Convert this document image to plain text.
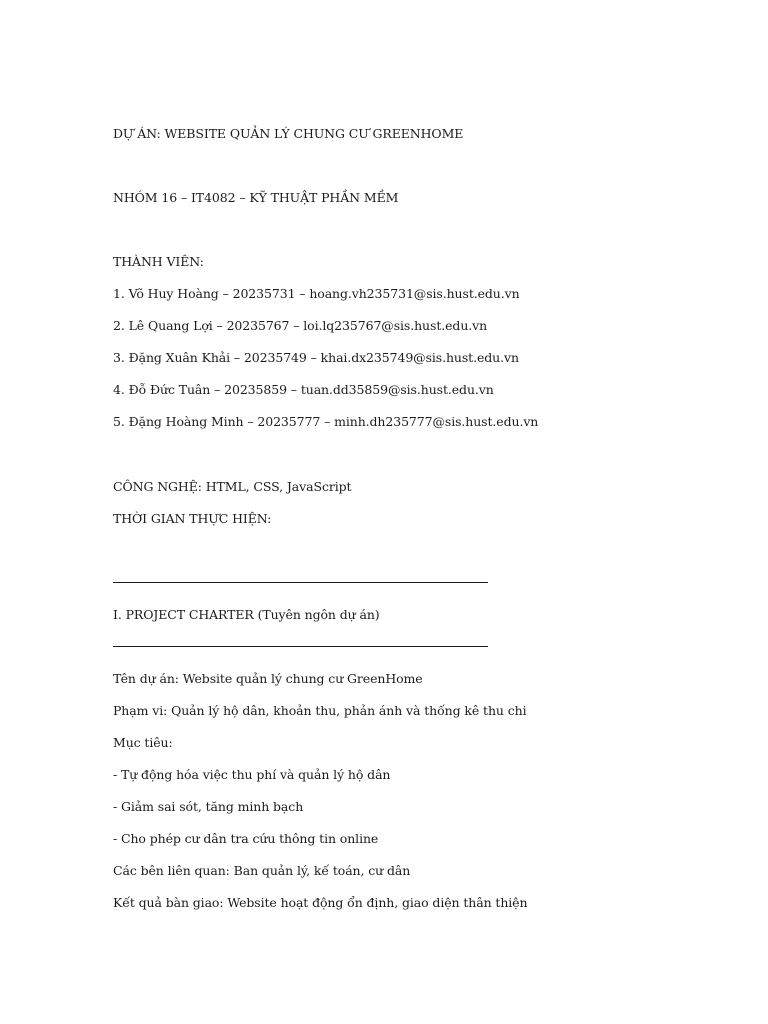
DỰ ÁN: WEBSITE QUẢN LÝ CHUNG CƯ GREENHOME
NHÓM 16 – IT4082 – KỸ THUẬT PHẦN MỀM
THÀNH VIÊN:
1. Võ Huy Hoàng – 20235731 – hoang.vh235731@sis.hust.edu.vn
2. Lê Quang Lợi – 20235767 – loi.lq235767@sis.hust.edu.vn
3. Đặng Xuân Khải – 20235749 – khai.dx235749@sis.hust.edu.vn
4. Đỗ Đức Tuân – 20235859 – tuan.dd35859@sis.hust.edu.vn
5. Đặng Hoàng Minh – 20235777 – minh.dh235777@sis.hust.edu.vn
CÔNG NGHỆ: HTML, CSS, JavaScript
THỜI GIAN THỰC HIỆN:
I. PROJECT CHARTER (Tuyên ngôn dự án)
Tên dự án: Website quản lý chung cư GreenHome
Phạm vi: Quản lý hộ dân, khoản thu, phản ánh và thống kê thu chi
Mục tiêu:
- Tự động hóa việc thu phí và quản lý hộ dân
- Giảm sai sót, tăng minh bạch
- Cho phép cư dân tra cứu thông tin online
Các bên liên quan: Ban quản lý, kế toán, cư dân
Kết quả bàn giao: Website hoạt động ổn định, giao diện thân thiện
